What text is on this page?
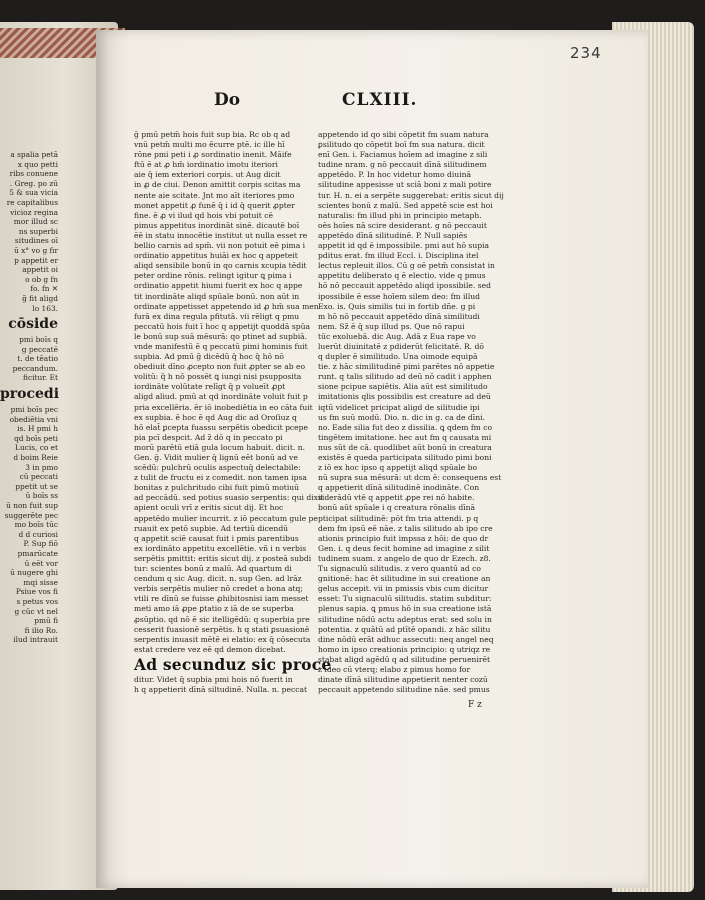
a spalia petā
x quo petti
ribs conuene
. Greg. po zū
5 & sua vicia
re capitalibus
vicioz regina
mor illud sc
ns superbi
situdines oī
ū x° vo g fir
p appetit er
appetit oi
o ob g fn
fo. fn ✕
g̃ fit aligd
lo 163.
cōside
pmi boīs q
g peccatē
t. de tēatio
peccandum.
ficitur. Et
procedi
pmi boīs pec
obediētia vni
is. H pmi h
qd boīs peti
Lucis, co et
d boim Reie
3 in pmo
cū peccati
ppetit ut se
ū boīs ss
ū non fuit sup
suggerēte pec
mo boīs tūc
d d curiosi
P. Sup fiō
pmarūcate
ū eēt vor
ū nugere ghi
mqi sisse
Psiue vos fi
s petus vos
g cūc vt nel
pmū fi
fi ilio Ro.
ilud intrauit
234
Do	CLXIII.
ḡ pmū petm̄ hois fuit sup bia. Rc ob q ad
vnū petm̄ multi mo ēcurre ptē. ic ille hī
rōne pmi peti i ꝓ sordinatio inenit. Māife
ftū ē at ꝓ hm̄ iordinatio imotu iteriori
aie q̄ iem exteriori corpis. ut Aug dicit
in ꝓ de ciui. Denon amittit corpis scitas ma
nente aie scitate. Jnt mo aīt iteriores pmo
monet appetit ꝓ funē q̄ i id q̄ querit ꝓpter
fine. ē ꝓ vi ilud qd hois vbi potuit cē
pimus appetitus inordināt sinē. dicautē boī
ēē in statu innocētie institut ut nulla esset re
bellio carnis ad spm̄. vii non potuit eē pima i
ordinatio appetitus huiāi ex hoc q appeteit
aliqd sensibile bonū in qo carnis xcupia tēdit
peter ordine rōnis. relingt igitur ꝗ pima i
ordinatio appetit hiumi fuerit ex hoc q appe
tit inordināte aliqd spūale bonū. non aūt in
ordinate appetisset appetendo id ꝓ hm̄ sua men
furā ex dina regula pfitutā. vii rēligt q pmu
peccatū hois fuit ī hoc q appetijt quoddā spūa
le bonū sup suā mēsurā: qo ptinet ad supbiā.
vnde manifestū ē q peccatū pimi hominis fuit
supbia. Ad pmū g̃ dicēdū q̄ hoc q̄ hō nō
obediuit dīno ꝓcepto non fuit ꝓpter se ab eo
volitū: q̄ h nō possēt ꝗ iungi nisi psupposita
iordināte volūtate relīgt q̄ p volueīt ꝓpt
aligd aliud. pmū at qd inordināte voluit fuit p
pria excellēria. ēr iō inobediētia in eo cāta fuit
ex supbia. ē hoc ē qd Aug dic ad Oroſiuz q
hō elat̄ ꝑcepta fuassu serpētis obedicit pcepe
pia pcī despcit. Ad z̃ dō q in peccato pi
morū parētū etiā gula locum habuit. dicit. n.
Gen. ḡ. Vidit mulier q̄ lignū eēt bonū ad ve
scēdū: pulchrū oculis aspectuq̄ delectabile:
z tulit de fructu ei z comedit. non tamen ipsa
bonitas z pulchritudo cibi fuit pimū motiuū
ad peccādū. sed potius suasio serpentis: qui dixit
apient oculi vrī z eritis sicut dij. Et hoc
appetēdo mulier incurrit. z iō peccatum gule pe
ruauit ex petō supbie. Ad tertiū dicendū
q appetit sciē causat fuit i pmis parentibus
ex iordināto appetitu excellētie. vñ i n verbis
serpētis pmittit: eritis sicut dij. z posteā subdi
tur: scientes bonū z malū. Ad quartum di
cendum q sic Aug. dicit. n. sup Gen. ad lrāz
verbis serpētis mulier nō credet a bona atq;
vtili re dīnū se fuisse ꝓhibitosnisi iam messet
meti amo iā ꝓpe ꝑtatio z iā de se superba
ꝓsūptio. qd nō ē sic itelligēdū: q superbia pre
cesserit fuasionē serpētis. h q stati ꝑsuasionē
serpentis inuasit mētē ei elatio: ex q̄ cōsecuta
estat credere vez eē qd demon dicebat.
Ad secunduz sic proce
ditur. Videt q̄ supbia pmi hois nō fuerit in
h q appetierit dīnā siltudinē. Nulla. n. peccat
appetendo id qo sibi cōpetit fm suam natura
ꝑsilitudo qo cōpetit boī fm sua natura. dicit
enī Gen. i. Faciamus hoīem ad imagine z sili
tudine nram. g nō peccauit dīnā silitudinem
appetēdo. P. In hoc videtur homo diuinā
silitudine appesisse ut sciā boni z mali potire
tur. H. n. ei a serpēte suggerebat: eritis sicut dij
scientes bonū z malū. Sed appetē scie est hoi
naturalis: fm illud phi in principio metaph.
oēs hoīes nā scire desiderant. g nō peccauit
appetēdo dīnā silitudinē. P. Null sapiēs
appetit id qd ē impossibile. pmi aut hō supia
pditus erat. fm illud Eccl. i. Disciplina itel
lectus repleuit illos. Cū g oē petm̄ consistat in
appetitu deliberato q ē electio. vide q pmus
hō nō peccauit appetēdo aliqd ipossibile. sed
ipossibile ē esse hoīem silem deo: fm illud
Exo. is. Quis similis tui in fortib dñe. g pi
m hō nō peccauit appetēdo dīnā similitudi
nem. Sz̃ ē q̄ sup illud ps. Que nō rapui
tūc exoluebā. dic Aug. Adā z Eua rape vo
luerūt diuinitatē z pdiderūt felicitatē. R. dō
q dupler ē similitudo. Una oimode equipā
tie. z hāc similitudinē pimi parētes nō appetie
runt. q talis silitudo ad deū nō cadit i apphen
sione pcipue sapiētis. Alia aūt est similitudo
imitationis qlis possibilis est creature ad deū
iqtū videlicet pricipat aligd de silitudie ipi
us fm suū modū. Dio. n. dic in g. ca de dīni.
no. Eade silia fut deo z dissilia. ꝗ qdem fm co
tingētem imitatione. hec aut fm q causata mi
nus sūt de cā. quodlibet aūt bonū in creatura
existēs ē queda participata silitudo pimi boni
z iō ex hoc ipso q appetijt aliqd spūale bo
nū supra sua mēsurā: ut dcm ē: consequens est
q appetierit dīnā silitudinē inodināte. Con
siderādū vtē q appetit ꝓpe rei nō habite.
bonū aūt spūale i q creatura rōnalis dīnā
pticipat silitudinē: pōt fm tria attendi. p q
dem fm ipsū eē nāe. z talis silitudo ab ipo cre
ationis principio fuit impssa z hōi: de quo dr
Gen. i. q deus fecit homine ad imagine z silit
tudinem suam. z angelo de quo dr Ezech. z8.
Tu signaculū silitudis. z vero quantū ad co
gnitionē: hac ēt silitudine in sui creatione an
gelus accepit. vii in pmissis vbis cum dicitur
esset: Tu signaculū silitudis. statim subditur:
plenus sapia. ꝗ pmus hō in sua creatione istā
silitudine nōdū actu adeptus erat: sed solu in
potentia. z quātū ad ptītē opandi. z hāc silitu
dine nōdū erāt adhuc assecuti: neq angel neq
homo in ipso creationis principio: q utriqz re
stabat aligd agēdū q ad silitudine peruenirēt
z ideo cū vterq; elabo z pimus homo for
dinate dīnā silitudine appetierit nenter cozū
peccauit appetendo silitudine nāe. sed pmus
F z
